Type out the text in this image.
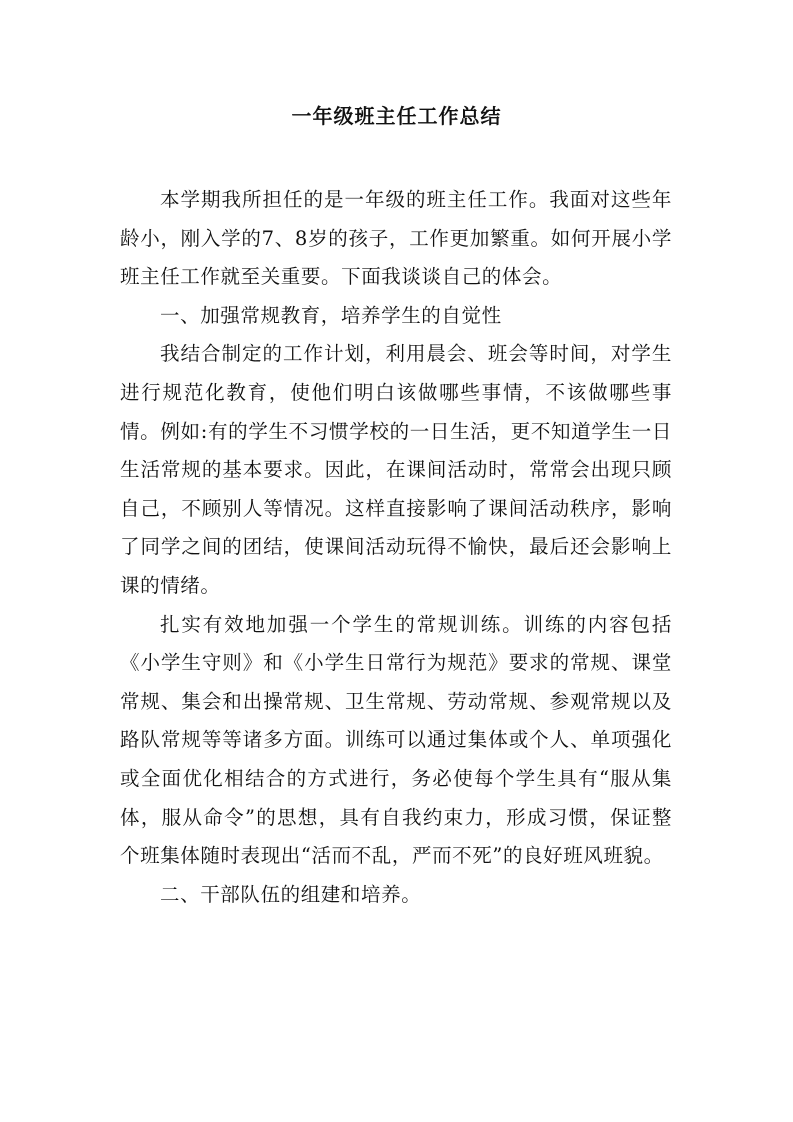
一年级班主任工作总结

本学期我所担任的是一年级的班主任工作。我面对这些年龄小，刚入学的7、8岁的孩子，工作更加繁重。如何开展小学班主任工作就至关重要。下面我谈谈自己的体会。

一、加强常规教育，培养学生的自觉性

我结合制定的工作计划，利用晨会、班会等时间，对学生进行规范化教育，使他们明白该做哪些事情，不该做哪些事情。例如:有的学生不习惯学校的一日生活，更不知道学生一日生活常规的基本要求。因此，在课间活动时，常常会出现只顾自己，不顾别人等情况。这样直接影响了课间活动秩序，影响了同学之间的团结，使课间活动玩得不愉快，最后还会影响上课的情绪。

扎实有效地加强一个学生的常规训练。训练的内容包括《小学生守则》和《小学生日常行为规范》要求的常规、课堂常规、集会和出操常规、卫生常规、劳动常规、参观常规以及路队常规等等诸多方面。训练可以通过集体或个人、单项强化或全面优化相结合的方式进行，务必使每个学生具有“服从集体，服从命令”的思想，具有自我约束力，形成习惯，保证整个班集体随时表现出“活而不乱，严而不死”的良好班风班貌。

二、干部队伍的组建和培养。
